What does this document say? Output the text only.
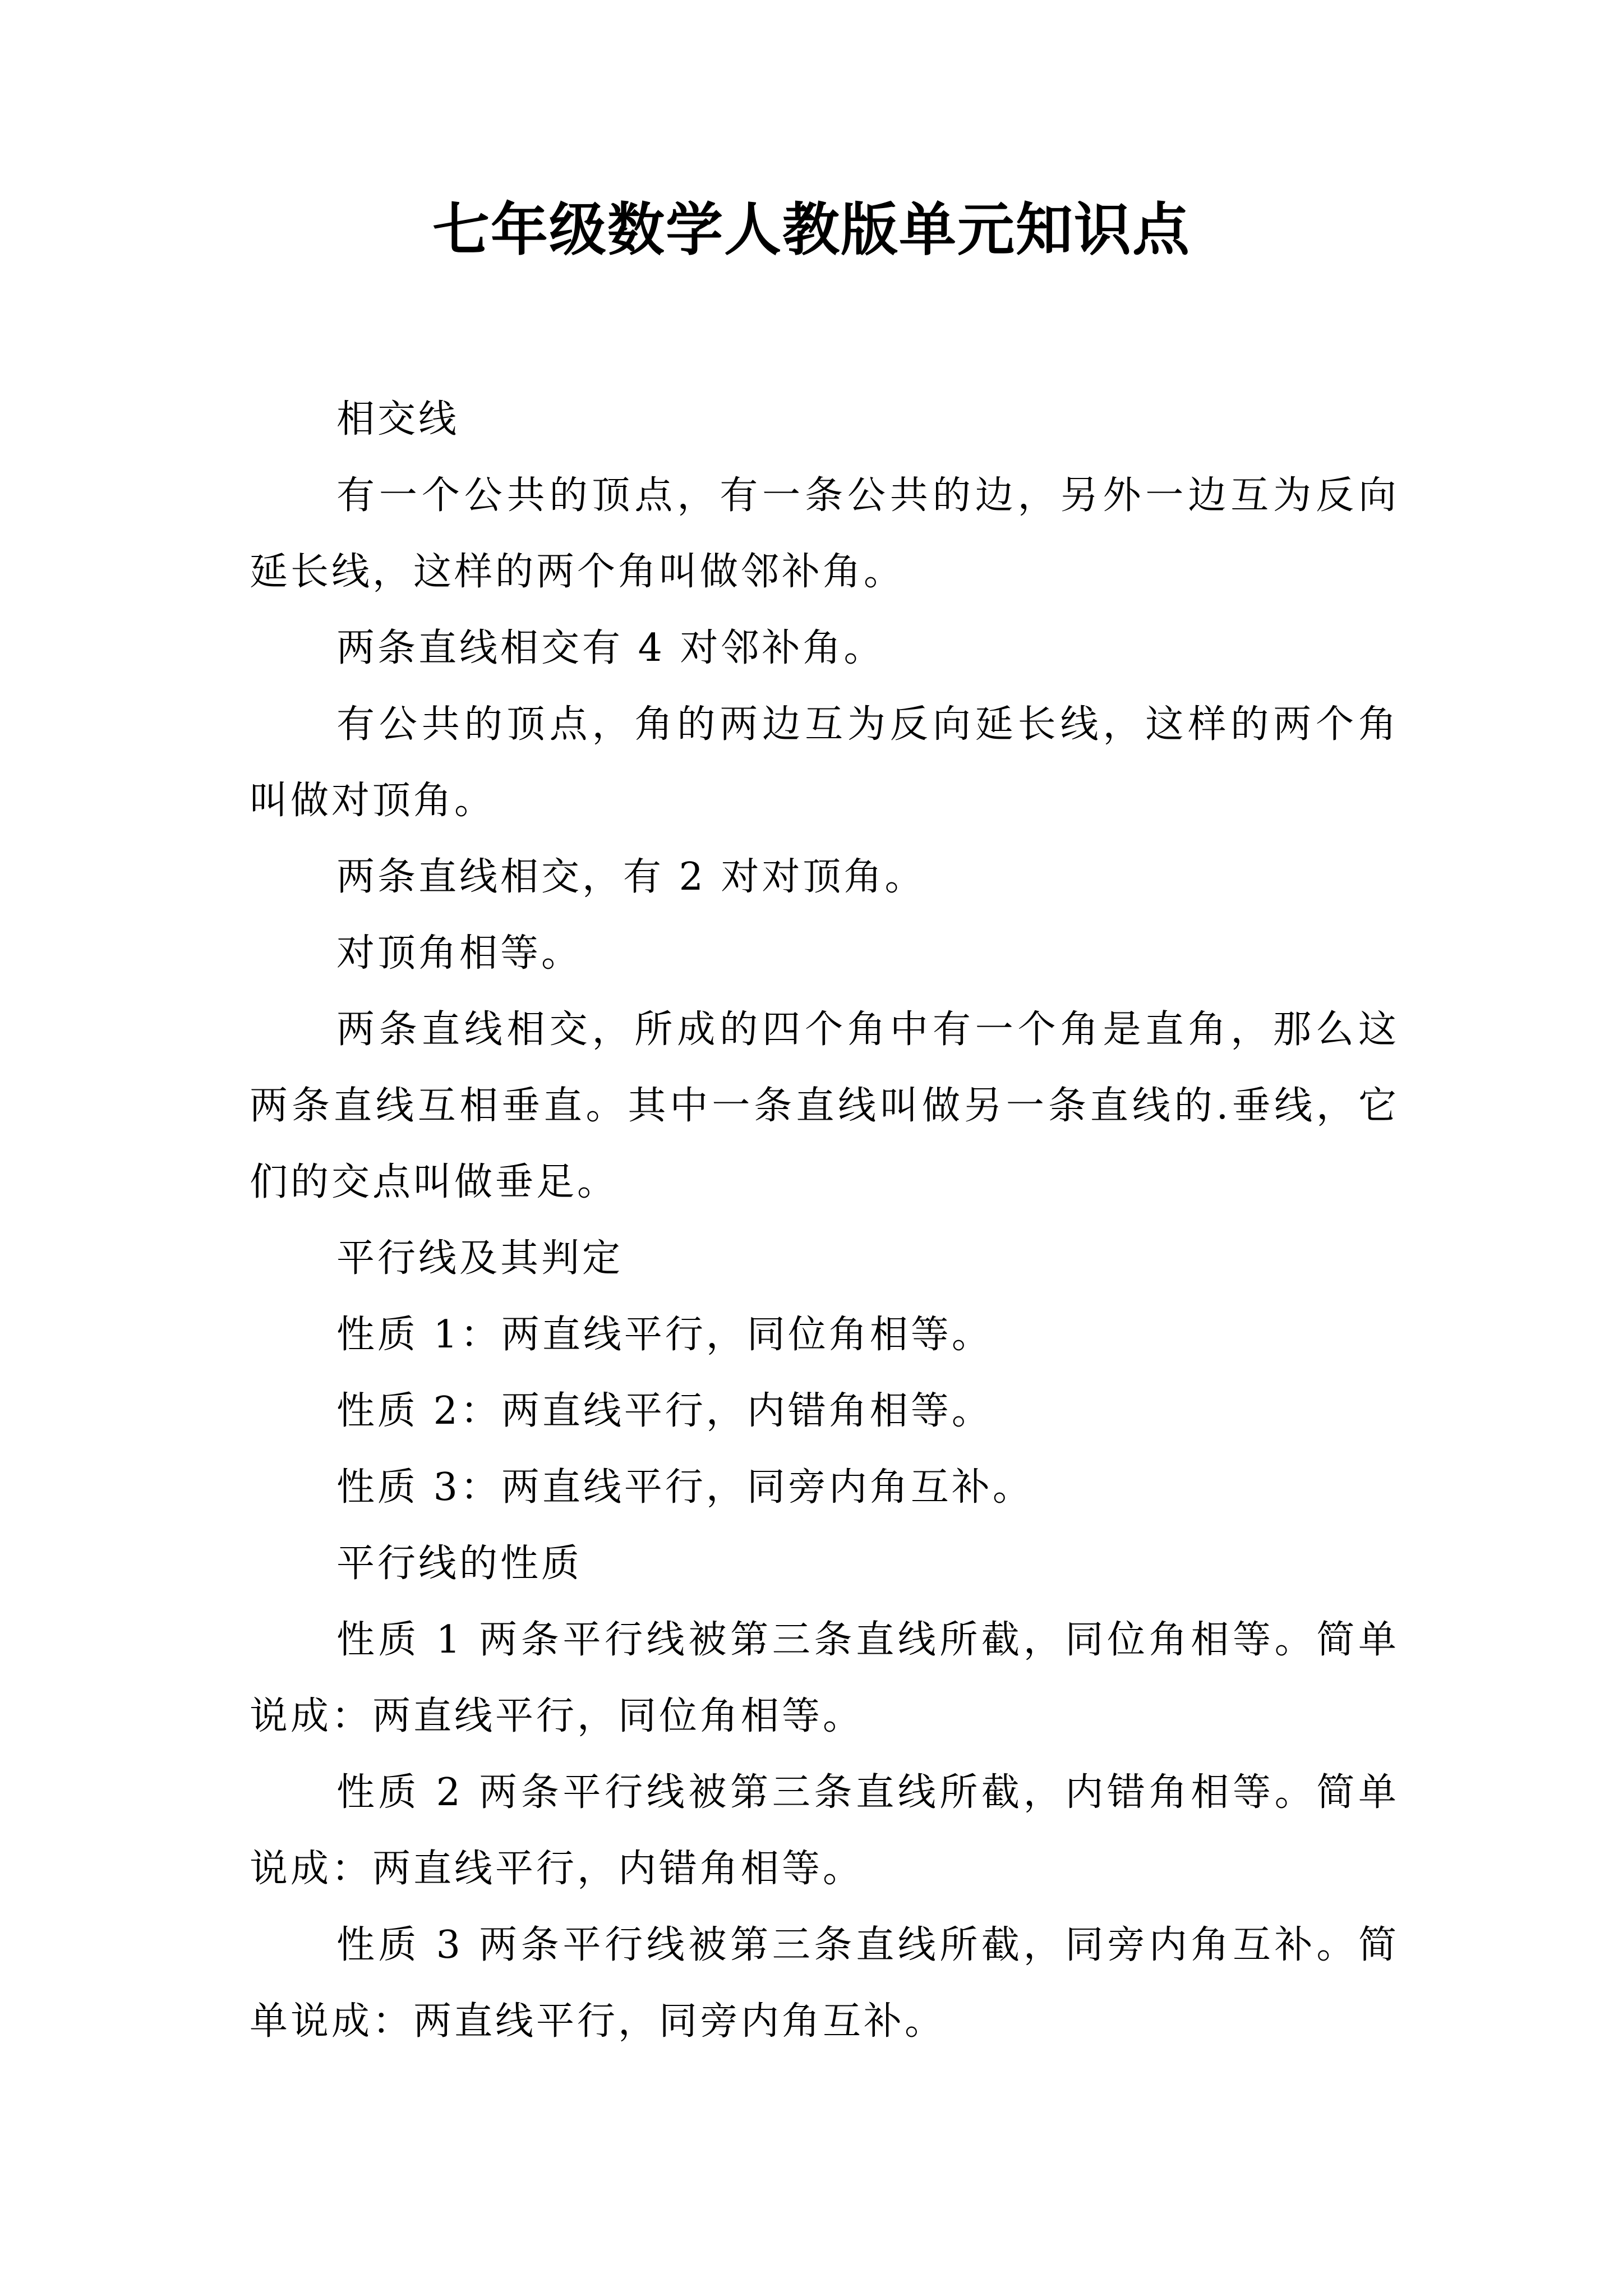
七年级数学人教版单元知识点

相交线

有一个公共的顶点，有一条公共的边，另外一边互为反向延长线，这样的两个角叫做邻补角。

两条直线相交有 4 对邻补角。

有公共的顶点，角的两边互为反向延长线，这样的两个角叫做对顶角。

两条直线相交，有 2 对对顶角。

对顶角相等。

两条直线相交，所成的四个角中有一个角是直角，那么这两条直线互相垂直。其中一条直线叫做另一条直线的.垂线，它们的交点叫做垂足。

平行线及其判定

性质 1：两直线平行，同位角相等。

性质 2：两直线平行，内错角相等。

性质 3：两直线平行，同旁内角互补。

平行线的性质

性质 1 两条平行线被第三条直线所截，同位角相等。简单说成：两直线平行，同位角相等。

性质 2 两条平行线被第三条直线所截，内错角相等。简单说成：两直线平行，内错角相等。

性质 3 两条平行线被第三条直线所截，同旁内角互补。简单说成：两直线平行，同旁内角互补。
